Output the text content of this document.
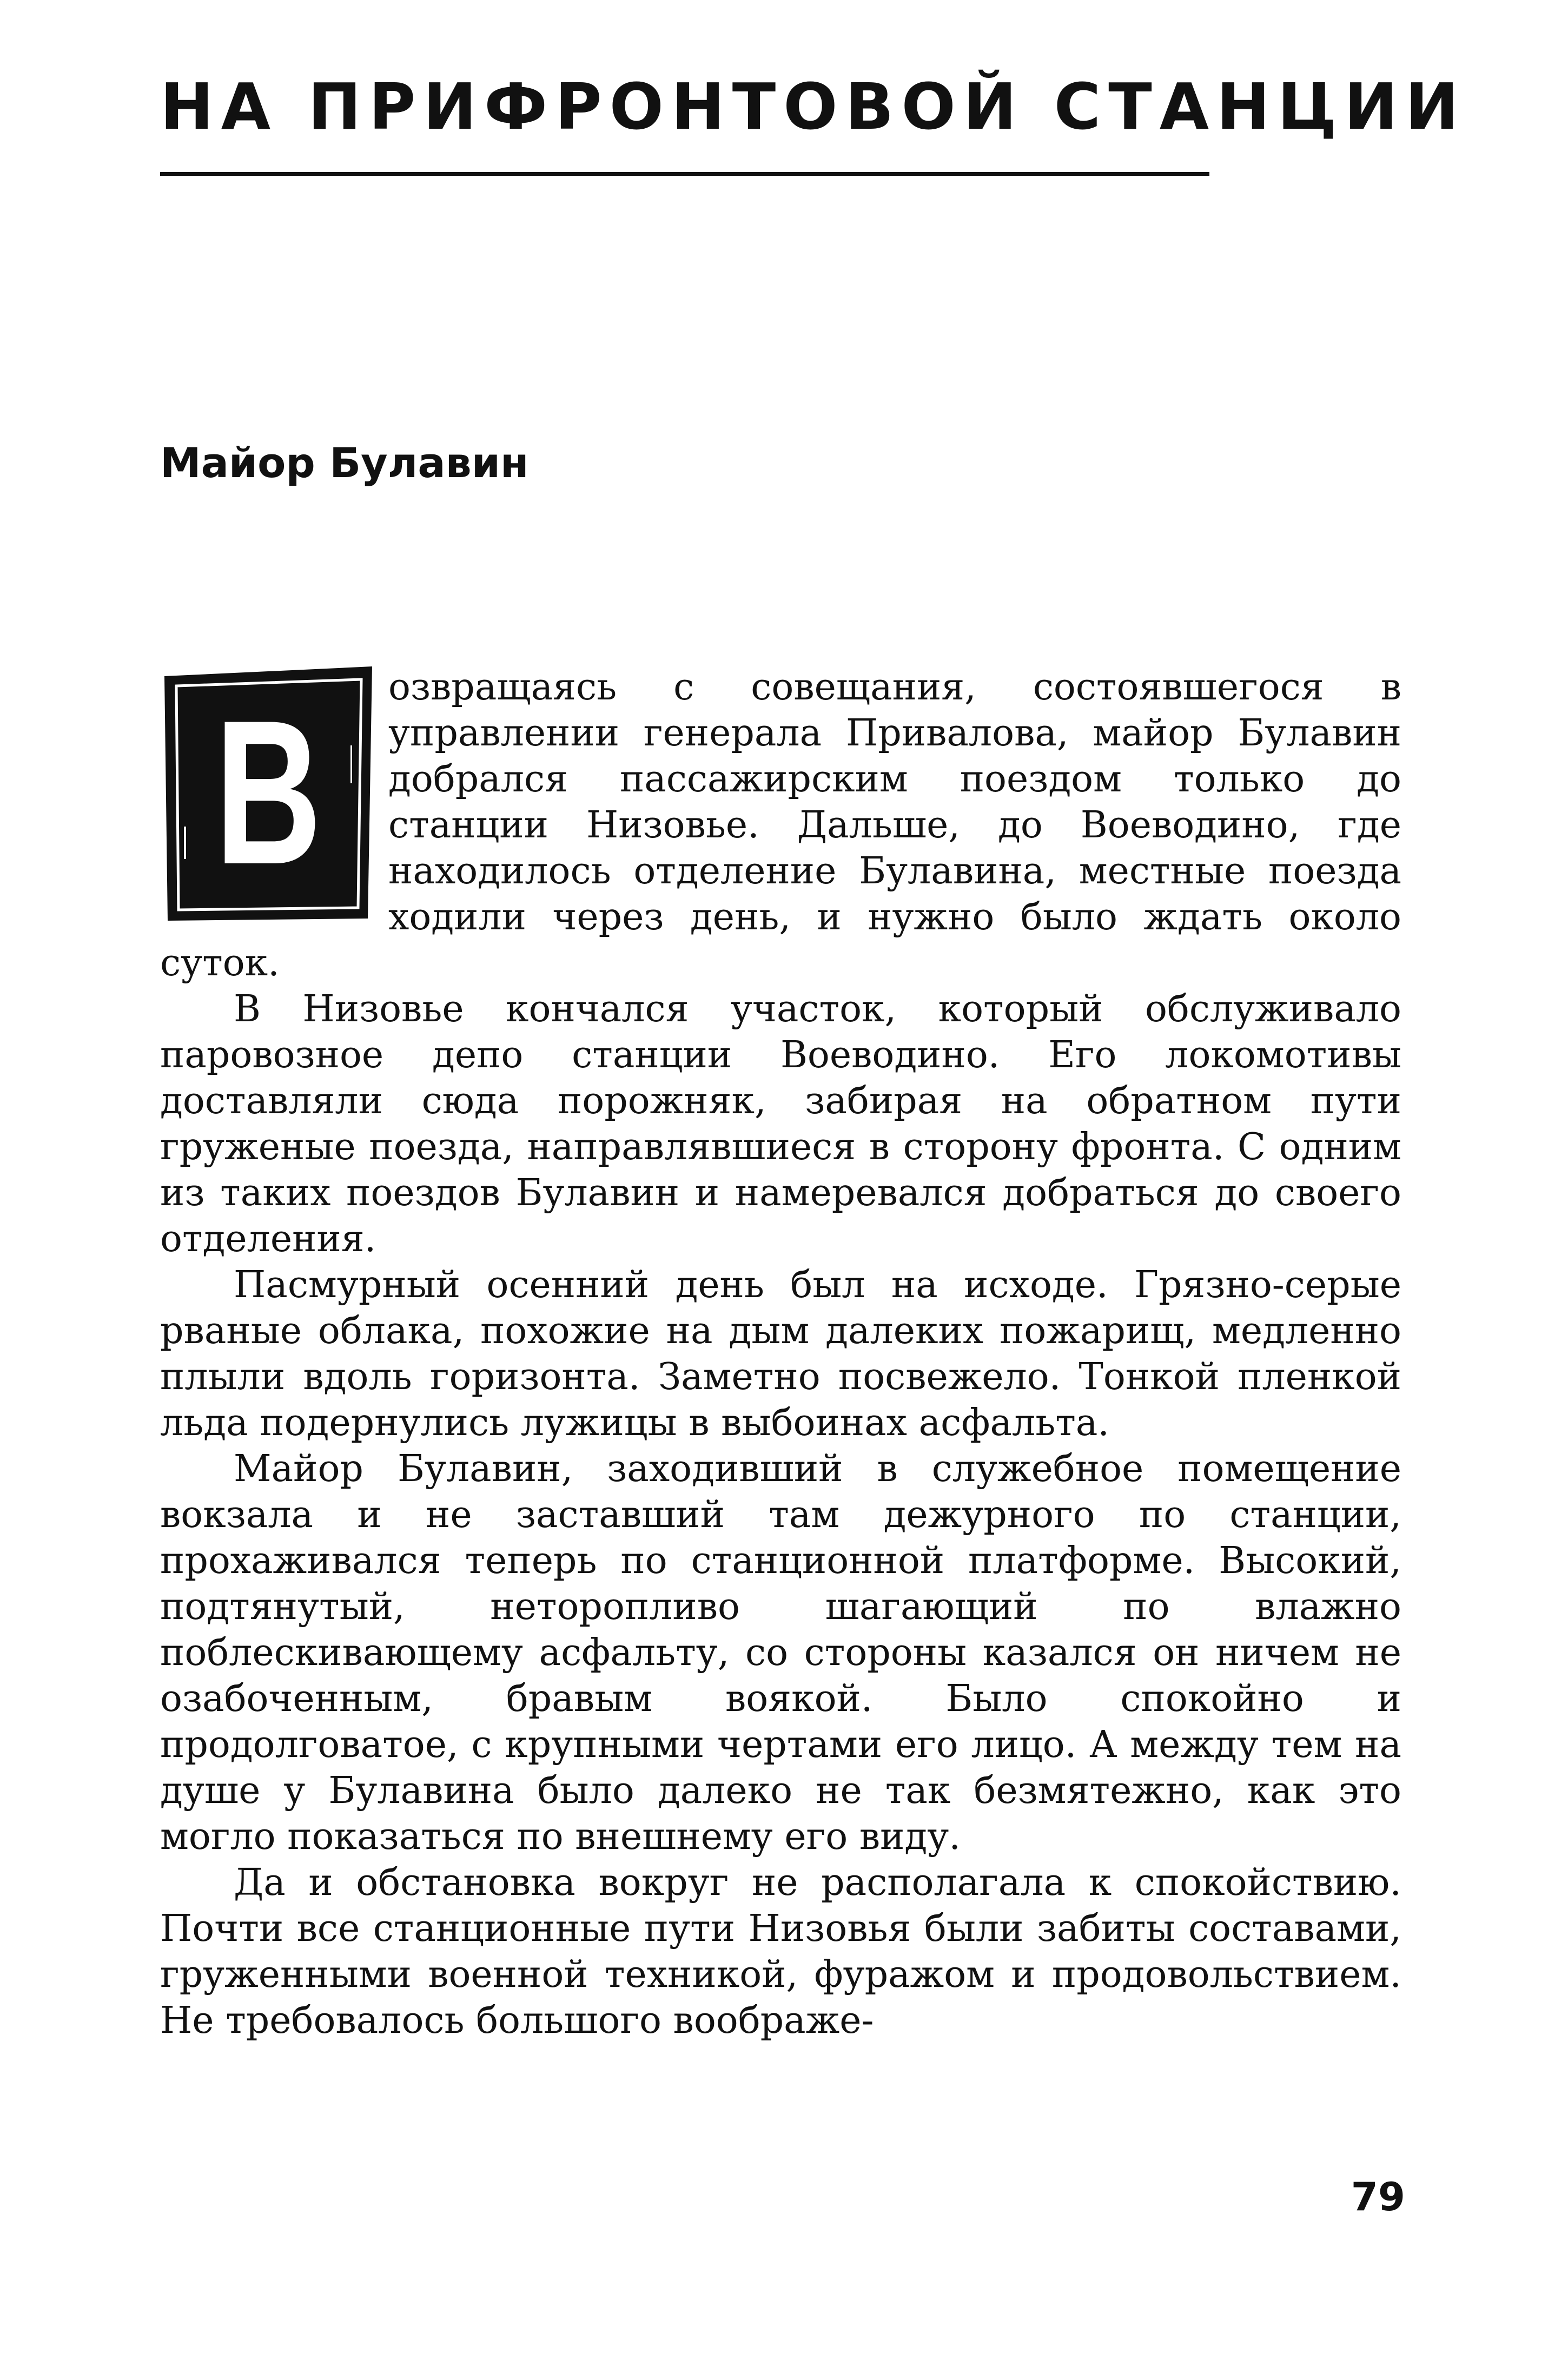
НА ПРИФРОНТОВОЙ СТАНЦИИ
Майор Булавин
В	озвращаясь с совещания, состоявшегося в управлении генерала Привалова, майор Булавин добрался пассажирским поездом только до станции Низовье. Дальше, до Воеводино, где находилось отделение Булавина, местные поезда ходили через день, и нужно было ждать около суток.

В Низовье кончался участок, который обслуживало паровозное депо станции Воеводино. Его локомотивы доставляли сюда порожняк, забирая на обратном пути груженые поезда, направлявшиеся в сторону фронта. С одним из таких поездов Булавин и намеревался добраться до своего отделения.

Пасмурный осенний день был на исходе. Грязно-серые рваные облака, похожие на дым далеких пожарищ, медленно плыли вдоль горизонта. Заметно посвежело. Тонкой пленкой льда подернулись лужицы в выбоинах асфальта.

Майор Булавин, заходивший в служебное помещение вокзала и не заставший там дежурного по станции, прохаживался теперь по станционной платформе. Высокий, подтянутый, неторопливо шагающий по влажно поблескивающему асфальту, со стороны казался он ничем не озабоченным, бравым воякой. Было спокойно и продолговатое, с крупными чертами его лицо. А между тем на душе у Булавина было далеко не так безмятежно, как это могло показаться по внешнему его виду.

Да и обстановка вокруг не располагала к спокойствию. Почти все станционные пути Низовья были забиты составами, груженными военной техникой, фуражом и продовольствием. Не требовалось большого воображе-

79
